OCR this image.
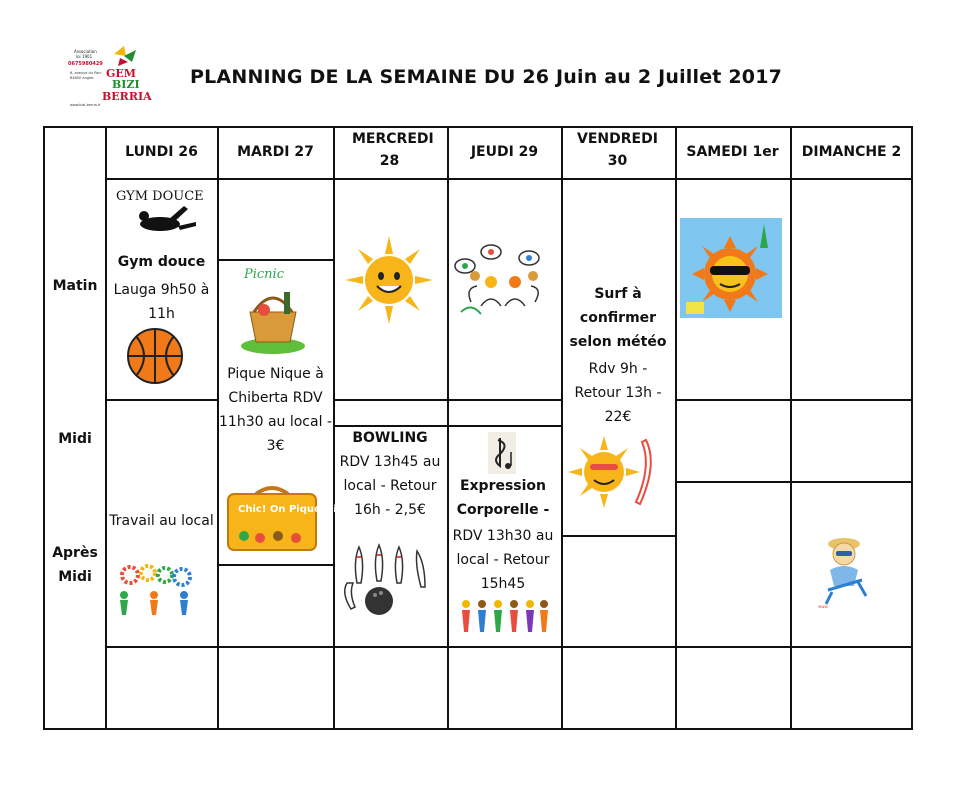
Association
loi 1901
0675980429
GEM
BIZI
BERRIA
6, avenue du Parc
64600 Anglet
www.bizi-berria.fr
PLANNING DE LA SEMAINE DU 26 Juin au 2 Juillet 2017
LUNDI 26	MARDI 27
MERCREDI 28
JEUDI 29
VENDREDI 30
SAMEDI 1er	DIMANCHE 2
Matin
Midi
Après Midi
GYM DOUCE
Gym douce
Lauga 9h50 à 11h
Travail au local
Picnic
Pique Nique à Chiberta RDV 11h30 au local - 3€
Chic! On Pique-Nique
BOWLING
RDV 13h45 au local - Retour 16h - 2,5€
Expression Corporelle -
RDV 13h30 au local - Retour 15h45
Surf à confirmer selon météo
Rdv 9h - Retour 13h - 22€
www.
